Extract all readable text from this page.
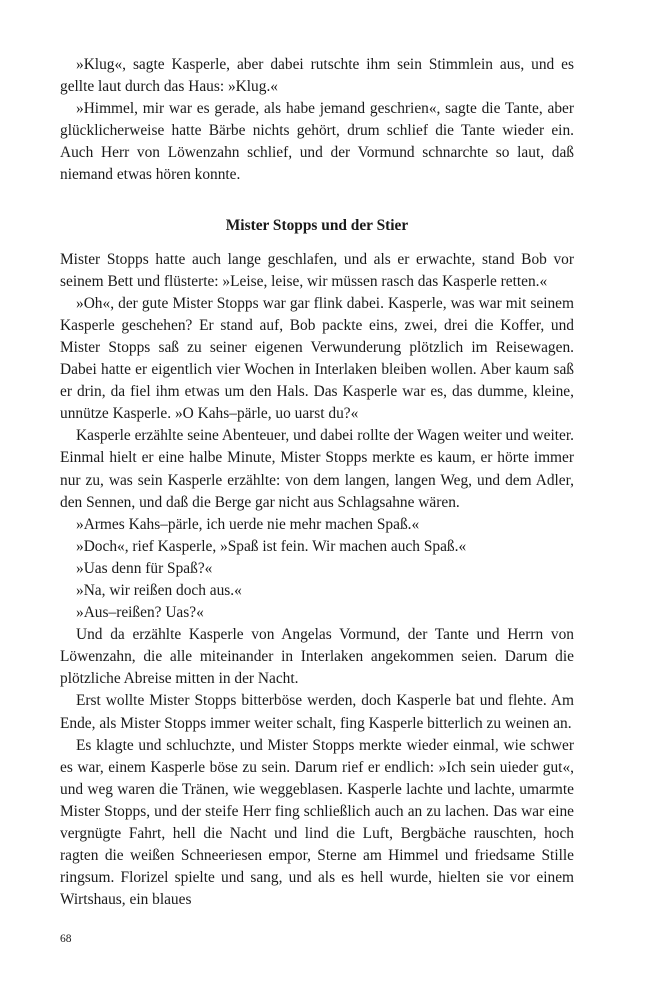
»Klug«, sagte Kasperle, aber dabei rutschte ihm sein Stimmlein aus, und es gellte laut durch das Haus: »Klug.«

»Himmel, mir war es gerade, als habe jemand geschrien«, sagte die Tante, aber glücklicherweise hatte Bärbe nichts gehört, drum schlief die Tante wieder ein. Auch Herr von Löwenzahn schlief, und der Vormund schnarchte so laut, daß niemand etwas hören konnte.

Mister Stopps und der Stier

Mister Stopps hatte auch lange geschlafen, und als er erwachte, stand Bob vor seinem Bett und flüsterte: »Leise, leise, wir müssen rasch das Kasperle retten.«

»Oh«, der gute Mister Stopps war gar flink dabei. Kasperle, was war mit seinem Kasperle geschehen? Er stand auf, Bob packte eins, zwei, drei die Koffer, und Mister Stopps saß zu seiner eigenen Verwunderung plötzlich im Reisewagen. Dabei hatte er eigentlich vier Wochen in Interlaken bleiben wollen. Aber kaum saß er drin, da fiel ihm etwas um den Hals. Das Kasperle war es, das dumme, kleine, unnütze Kasperle. »O Kahs–pärle, uo uarst du?«

Kasperle erzählte seine Abenteuer, und dabei rollte der Wagen weiter und weiter. Einmal hielt er eine halbe Minute, Mister Stopps merkte es kaum, er hörte immer nur zu, was sein Kasperle erzählte: von dem langen, langen Weg, und dem Adler, den Sennen, und daß die Berge gar nicht aus Schlagsahne wären.

»Armes Kahs–pärle, ich uerde nie mehr machen Spaß.«

»Doch«, rief Kasperle, »Spaß ist fein. Wir machen auch Spaß.«

»Uas denn für Spaß?«

»Na, wir reißen doch aus.«

»Aus–reißen? Uas?«

Und da erzählte Kasperle von Angelas Vormund, der Tante und Herrn von Löwenzahn, die alle miteinander in Interlaken angekommen seien. Darum die plötzliche Abreise mitten in der Nacht.

Erst wollte Mister Stopps bitterböse werden, doch Kasperle bat und flehte. Am Ende, als Mister Stopps immer weiter schalt, fing Kasperle bitterlich zu weinen an.

Es klagte und schluchzte, und Mister Stopps merkte wieder einmal, wie schwer es war, einem Kasperle böse zu sein. Darum rief er endlich: »Ich sein uieder gut«, und weg waren die Tränen, wie weggeblasen. Kasperle lachte und lachte, umarmte Mister Stopps, und der steife Herr fing schließlich auch an zu lachen. Das war eine vergnügte Fahrt, hell die Nacht und lind die Luft, Bergbäche rauschten, hoch ragten die weißen Schneeriesen empor, Sterne am Himmel und friedsame Stille ringsum. Florizel spielte und sang, und als es hell wurde, hielten sie vor einem Wirtshaus, ein blaues

68
